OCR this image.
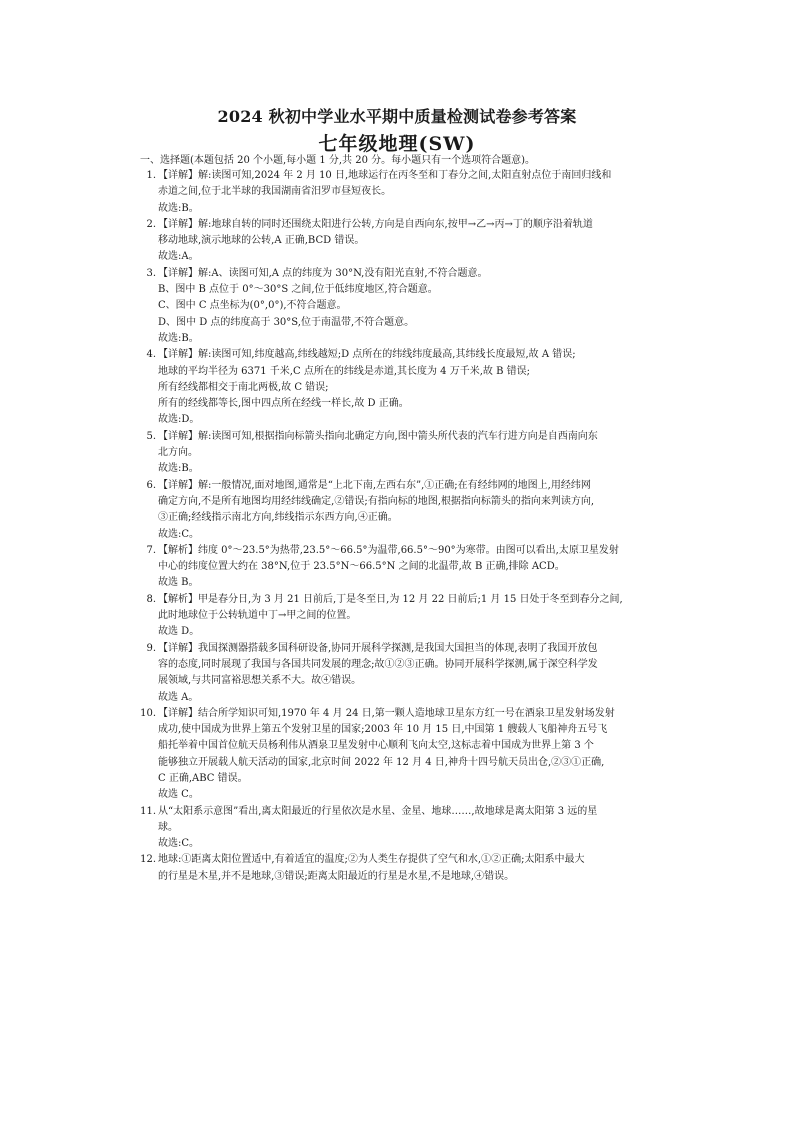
2024 秋初中学业水平期中质量检测试卷参考答案
七年级地理(SW)
一、选择题(本题包括 20 个小题,每小题 1 分,共 20 分。每小题只有一个选项符合题意)。
1. 【详解】解:读图可知,2024 年 2 月 10 日,地球运行在丙冬至和丁春分之间,太阳直射点位于南回归线和
赤道之间,位于北半球的我国湖南省汨罗市昼短夜长。
故选:B。
2. 【详解】解:地球自转的同时还围绕太阳进行公转,方向是自西向东,按甲→乙→丙→丁的顺序沿着轨道
移动地球,演示地球的公转,A 正确,BCD 错误。
故选:A。
3. 【详解】解:A、读图可知,A 点的纬度为 30°N,没有阳光直射,不符合题意。
B、图中 B 点位于 0°～30°S 之间,位于低纬度地区,符合题意。
C、图中 C 点坐标为(0°,0°),不符合题意。
D、图中 D 点的纬度高于 30°S,位于南温带,不符合题意。
故选:B。
4. 【详解】解:读图可知,纬度越高,纬线越短;D 点所在的纬线纬度最高,其纬线长度最短,故 A 错误;
地球的平均半径为 6371 千米,C 点所在的纬线是赤道,其长度为 4 万千米,故 B 错误;
所有经线都相交于南北两极,故 C 错误;
所有的经线都等长,图中四点所在经线一样长,故 D 正确。
故选:D。
5. 【详解】解:读图可知,根据指向标箭头指向北确定方向,图中箭头所代表的汽车行进方向是自西南向东
北方向。
故选:B。
6. 【详解】解:一般情况,面对地图,通常是“上北下南,左西右东”,①正确;在有经纬网的地图上,用经纬网
确定方向,不是所有地图均用经纬线确定,②错误;有指向标的地图,根据指向标箭头的指向来判读方向,
③正确;经线指示南北方向,纬线指示东西方向,④正确。
故选:C。
7. 【解析】纬度 0°～23.5°为热带,23.5°～66.5°为温带,66.5°～90°为寒带。由图可以看出,太原卫星发射
中心的纬度位置大约在 38°N,位于 23.5°N～66.5°N 之间的北温带,故 B 正确,排除 ACD。
故选 B。
8. 【解析】甲是春分日,为 3 月 21 日前后,丁是冬至日,为 12 月 22 日前后;1 月 15 日处于冬至到春分之间,
此时地球位于公转轨道中丁→甲之间的位置。
故选 D。
9. 【详解】我国探测器搭载多国科研设备,协同开展科学探测,是我国大国担当的体现,表明了我国开放包
容的态度,同时展现了我国与各国共同发展的理念;故①②③正确。协同开展科学探测,属于深空科学发
展领域,与共同富裕思想关系不大。故④错误。
故选 A。
10. 【详解】结合所学知识可知,1970 年 4 月 24 日,第一颗人造地球卫星东方红一号在酒泉卫星发射场发射
成功,使中国成为世界上第五个发射卫星的国家;2003 年 10 月 15 日,中国第 1 艘载人飞船神舟五号飞
船托举着中国首位航天员杨利伟从酒泉卫星发射中心顺利飞向太空,这标志着中国成为世界上第 3 个
能够独立开展载人航天活动的国家,北京时间 2022 年 12 月 4 日,神舟十四号航天员出仓,②③①正确,
C 正确,ABC 错误。
故选 C。
11. 从“太阳系示意图”看出,离太阳最近的行星依次是水星、金星、地球……,故地球是离太阳第 3 远的星
球。
故选:C。
12. 地球:①距离太阳位置适中,有着适宜的温度;②为人类生存提供了空气和水,①②正确;太阳系中最大
的行星是木星,并不是地球,③错误;距离太阳最近的行星是水星,不是地球,④错误。
